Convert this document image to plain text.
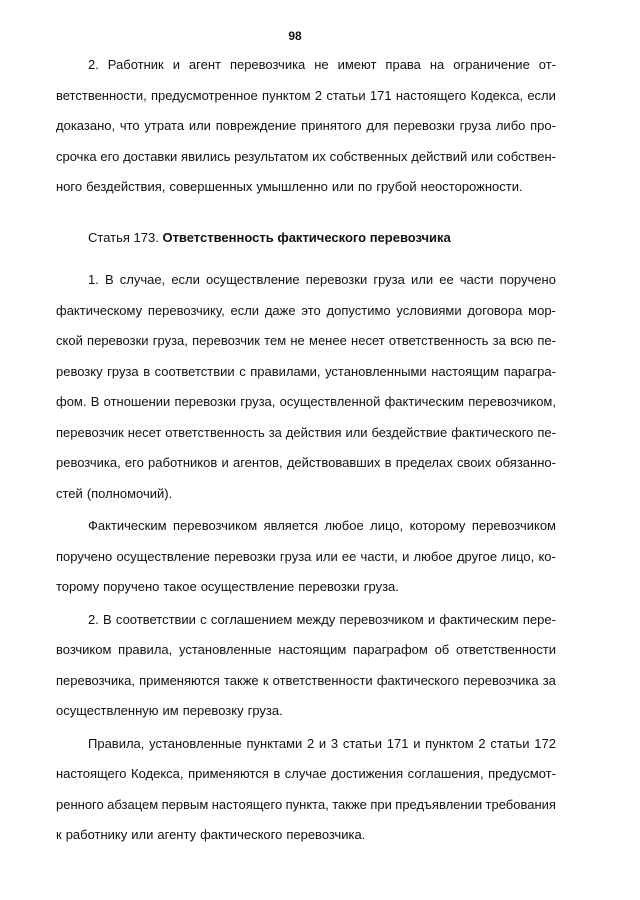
98
2. Работник и агент перевозчика не имеют права на ограничение от-
ветственности, предусмотренное пунктом 2 статьи 171 настоящего Кодекса, если
доказано, что утрата или повреждение принятого для перевозки груза либо про-
срочка его доставки явились результатом их собственных действий или собствен-
ного бездействия, совершенных умышленно или по грубой неосторожности.
Статья 173. Ответственность фактического перевозчика
1. В случае, если осуществление перевозки груза или ее части поручено
фактическому перевозчику, если даже это допустимо условиями договора мор-
ской перевозки груза, перевозчик тем не менее несет ответственность за всю пе-
ревозку груза в соответствии с правилами, установленными настоящим парагра-
фом. В отношении перевозки груза, осуществленной фактическим перевозчиком,
перевозчик несет ответственность за действия или бездействие фактического пе-
ревозчика, его работников и агентов, действовавших в пределах своих обязанно-
стей (полномочий).
Фактическим перевозчиком является любое лицо, которому перевозчиком
поручено осуществление перевозки груза или ее части, и любое другое лицо, ко-
торому поручено такое осуществление перевозки груза.
2. В соответствии с соглашением между перевозчиком и фактическим пере-
возчиком правила, установленные настоящим параграфом об ответственности
перевозчика, применяются также к ответственности фактического перевозчика за
осуществленную им перевозку груза.
Правила, установленные пунктами 2 и 3 статьи 171 и пунктом 2 статьи 172
настоящего Кодекса, применяются в случае достижения соглашения, предусмот-
ренного абзацем первым настоящего пункта, также при предъявлении требования
к работнику или агенту фактического перевозчика.
